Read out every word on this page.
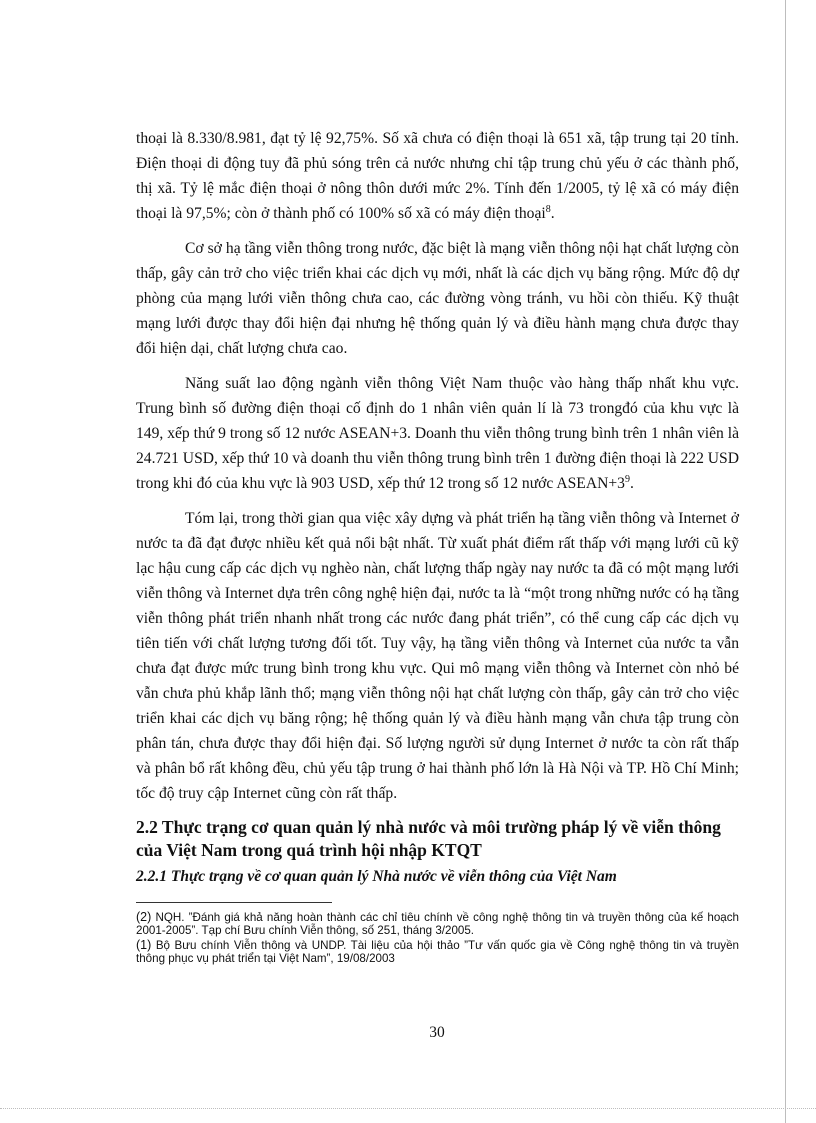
thoại là 8.330/8.981, đạt tỷ lệ 92,75%. Số xã chưa có điện thoại là 651 xã, tập trung tại 20 tỉnh. Điện thoại di động tuy đã phủ sóng trên cả nước nhưng chỉ tập trung chủ yếu ở các thành phố, thị xã. Tỷ lệ mắc điện thoại ở nông thôn dưới mức 2%. Tính đến 1/2005, tỷ lệ xã có máy điện thoại là 97,5%; còn ở thành phố có 100% số xã có máy điện thoại$^8$.

Cơ sở hạ tầng viễn thông trong nước, đặc biệt là mạng viễn thông nội hạt chất lượng còn thấp, gây cản trở cho việc triển khai các dịch vụ mới, nhất là các dịch vụ băng rộng. Mức độ dự phòng của mạng lưới viễn thông chưa cao, các đường vòng tránh, vu hồi còn thiếu. Kỹ thuật mạng lưới được thay đổi hiện đại nhưng hệ thống quản lý và điều hành mạng chưa được thay đổi hiện dại, chất lượng chưa cao.

Năng suất lao động ngành viễn thông Việt Nam thuộc vào hàng thấp nhất khu vực. Trung bình số đường điện thoại cố định do 1 nhân viên quản lí là 73 trongđó của khu vực là 149, xếp thứ 9 trong số 12 nước ASEAN+3. Doanh thu viễn thông trung bình trên 1 nhân viên là 24.721 USD, xếp thứ 10 và doanh thu viễn thông trung bình trên 1 đường điện thoại là 222 USD trong khi đó của khu vực là 903 USD, xếp thứ 12 trong số 12 nước $ASEAN+3^9$.

Tóm lại, trong thời gian qua việc xây dựng và phát triển hạ tầng viễn thông và Internet ở nước ta đã đạt được nhiều kết quả nổi bật nhất. Từ xuất phát điểm rất thấp với mạng lưới cũ kỹ lạc hậu cung cấp các dịch vụ nghèo nàn, chất lượng thấp ngày nay nước ta đã có một mạng lưới viễn thông và Internet dựa trên công nghệ hiện đại, nước ta là “một trong những nước có hạ tầng viễn thông phát triển nhanh nhất trong các nước đang phát triển”, có thể cung cấp các dịch vụ tiên tiến với chất lượng tương đối tốt. Tuy vậy, hạ tầng viễn thông và Internet của nước ta vẫn chưa đạt được mức trung bình trong khu vực. Qui mô mạng viễn thông và Internet còn nhỏ bé vẫn chưa phủ khắp lãnh thổ; mạng viễn thông nội hạt chất lượng còn thấp, gây cản trở cho việc triển khai các dịch vụ băng rộng; hệ thống quản lý và điều hành mạng vẫn chưa tập trung còn phân tán, chưa được thay đổi hiện đại. Số lượng người sử dụng Internet ở nước ta còn rất thấp và phân bổ rất không đều, chủ yếu tập trung ở hai thành phố lớn là Hà Nội và TP. Hồ Chí Minh; tốc độ truy cập Internet cũng còn rất thấp.

2.2 Thực trạng cơ quan quản lý nhà nước và môi trường pháp lý về viễn thông của Việt Nam trong quá trình hội nhập KTQT
2.2.1 Thực trạng về cơ quan quản lý Nhà nước về viễn thông của Việt Nam

(2) NQH. ”Đánh giá khả năng hoàn thành các chỉ tiêu chính về công nghệ thông tin và truyền thông của kế hoạch 2001-2005”. Tạp chí Bưu chính Viễn thông, số 251, tháng 3/2005.

(1) Bộ Bưu chính Viễn thông và UNDP. Tài liệu của hội thảo ”Tư vấn quốc gia về Công nghệ thông tin và truyền thông phục vụ phát triển tại Việt Nam”, 19/08/2003

30
